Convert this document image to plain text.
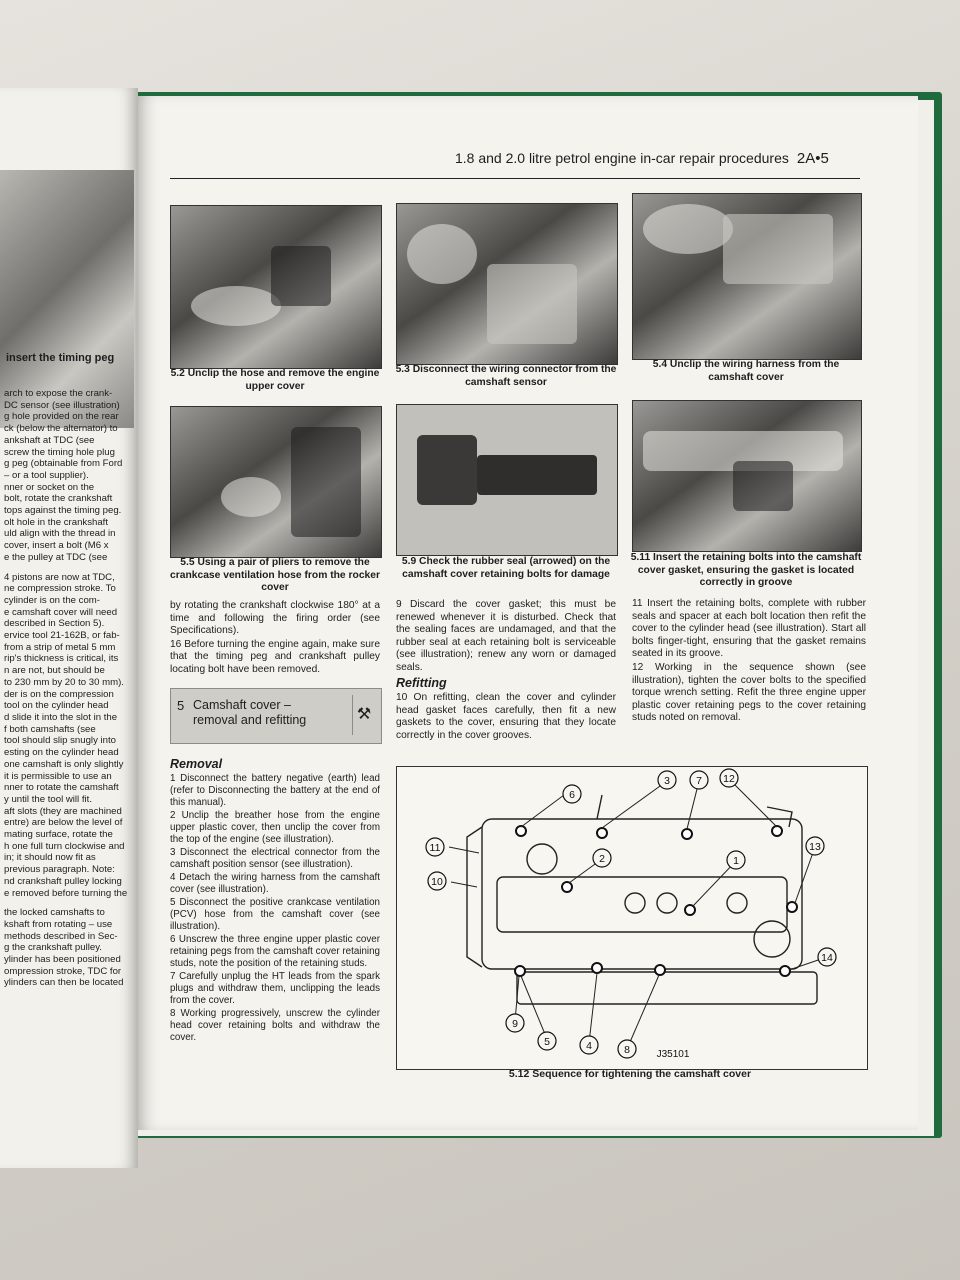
insert the timing peg

arch to expose the crank-
DC sensor (see illustration)
g hole provided on the rear
ck (below the alternator) to
ankshaft at TDC (see
screw the timing hole plug
g peg (obtainable from Ford
– or a tool supplier).
nner or socket on the
bolt, rotate the crankshaft
tops against the timing peg.
olt hole in the crankshaft
uld align with the thread in
cover, insert a bolt (M6 x
e the pulley at TDC (see

4 pistons are now at TDC,
ne compression stroke. To
cylinder is on the com-
e camshaft cover will need
described in Section 5).
ervice tool 21-162B, or fab-
from a strip of metal 5 mm
rip's thickness is critical, its
n are not, but should be
to 230 mm by 20 to 30 mm).
der is on the compression
tool on the cylinder head
d slide it into the slot in the
f both camshafts (see
tool should slip snugly into
esting on the cylinder head
one camshaft is only slightly
it is permissible to use an
nner to rotate the camshaft
y until the tool will fit.
aft slots (they are machined
entre) are below the level of
mating surface, rotate the
h one full turn clockwise and
in; it should now fit as
previous paragraph. Note:
nd crankshaft pulley locking
e removed before turning the

the locked camshafts to
kshaft from rotating – use
methods described in Sec-
g the crankshaft pulley.
ylinder has been positioned
ompression stroke, TDC for
ylinders can then be located

1.8 and 2.0 litre petrol engine in-car repair procedures 2A•5
5.2 Unclip the hose and remove the engine upper cover
5.3 Disconnect the wiring connector from the camshaft sensor
5.4 Unclip the wiring harness from the camshaft cover
5.5 Using a pair of pliers to remove the crankcase ventilation hose from the rocker cover
5.9 Check the rubber seal (arrowed) on the camshaft cover retaining bolts for damage
5.11 Insert the retaining bolts into the camshaft cover gasket, ensuring the gasket is located correctly in groove

by rotating the crankshaft clockwise 180° at a time and following the firing order (see Specifications).

16 Before turning the engine again, make sure that the timing peg and crankshaft pulley locating bolt have been removed.

5 Camshaft cover –
removal and refitting	⚒
Removal

1 Disconnect the battery negative (earth) lead (refer to Disconnecting the battery at the end of this manual).

2 Unclip the breather hose from the engine upper plastic cover, then unclip the cover from the top of the engine (see illustration).

3 Disconnect the electrical connector from the camshaft position sensor (see illustration).

4 Detach the wiring harness from the camshaft cover (see illustration).

5 Disconnect the positive crankcase ventilation (PCV) hose from the camshaft cover (see illustration).

6 Unscrew the three engine upper plastic cover retaining pegs from the camshaft cover retaining studs, note the position of the retaining studs.

7 Carefully unplug the HT leads from the spark plugs and withdraw them, unclipping the leads from the cover.

8 Working progressively, unscrew the cylinder head cover retaining bolts and withdraw the cover.

9 Discard the cover gasket; this must be renewed whenever it is disturbed. Check that the sealing faces are undamaged, and that the rubber seal at each retaining bolt is serviceable (see illustration); renew any worn or damaged seals.

Refitting

10 On refitting, clean the cover and cylinder head gasket faces carefully, then fit a new gaskets to the cover, ensuring that they locate correctly in the cover grooves.

11 Insert the retaining bolts, complete with rubber seals and spacer at each bolt location then refit the cover to the cylinder head (see illustration). Start all bolts finger-tight, ensuring that the gasket remains seated in its groove.

12 Working in the sequence shown (see illustration), tighten the cover bolts to the specified torque wrench setting. Refit the three engine upper plastic cover retaining pegs to the cover retaining studs noted on removal.

1
2
3
4
5
6
7
8
9
10
11
12
13
14
J35101
5.12 Sequence for tightening the camshaft cover
